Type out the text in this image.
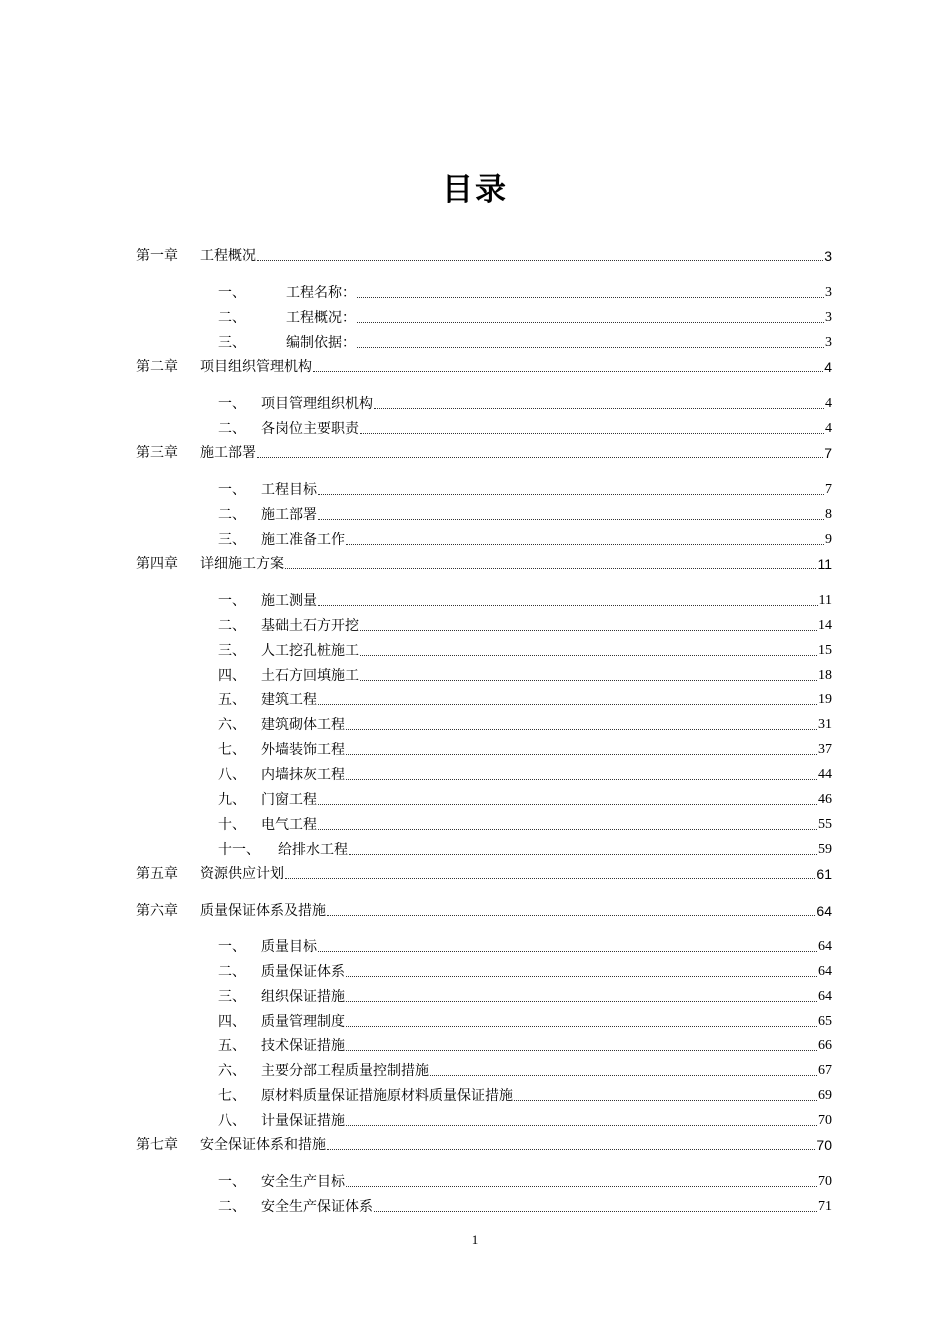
目录
第一章	工程概况	3
一、	工程名称：	3
二、	工程概况：	3
三、	编制依据：	3
第二章	项目组织管理机构	4
一、	项目管理组织机构	4
二、	各岗位主要职责	4
第三章	施工部署	7
一、	工程目标	7
二、	施工部署	8
三、	施工准备工作	9
第四章	详细施工方案	11
一、	施工测量	11
二、	基础土石方开挖	14
三、	人工挖孔桩施工	15
四、	土石方回填施工	18
五、	建筑工程	19
六、	建筑砌体工程	31
七、	外墙装饰工程	37
八、	内墙抹灰工程	44
九、	门窗工程	46
十、	电气工程	55
十一、	给排水工程	59
第五章	资源供应计划	61
第六章	质量保证体系及措施	64
一、	质量目标	64
二、	质量保证体系	64
三、	组织保证措施	64
四、	质量管理制度	65
五、	技术保证措施	66
六、	主要分部工程质量控制措施	67
七、	原材料质量保证措施原材料质量保证措施	69
八、	计量保证措施	70
第七章	安全保证体系和措施	70
一、	安全生产目标	70
二、	安全生产保证体系	71
1
